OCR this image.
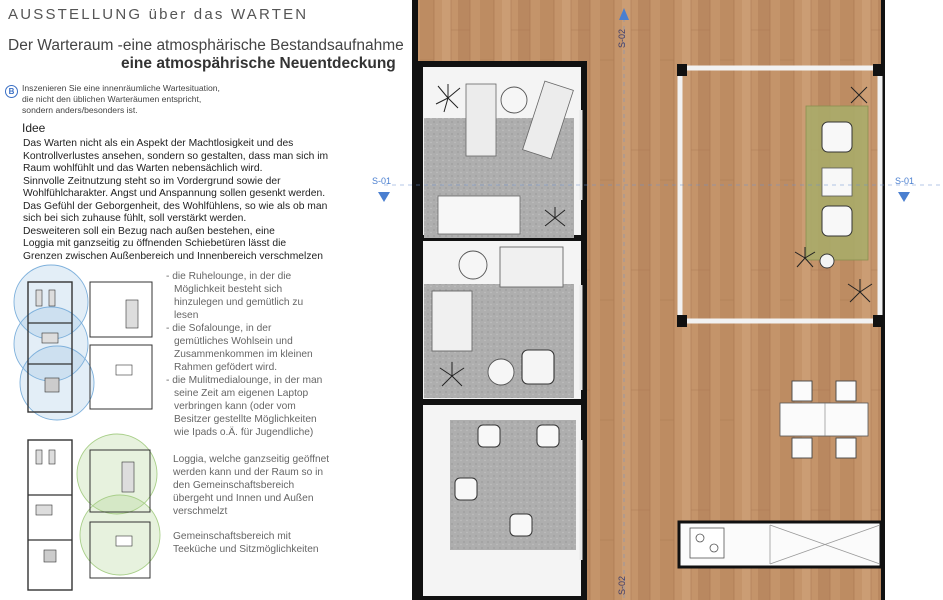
AUSSTELLUNG über das WARTEN
Der Warteraum -eine atmosphärische Bestandsaufnahme
eine atmospährische Neuentdeckung
B Inszenieren Sie eine innenräumliche Wartesituation,
die nicht den üblichen Warteräumen entspricht,
sondern anders/besonders ist.
Idee
Das Warten nicht als ein Aspekt der Machtlosigkeit und des
Kontrollverlustes ansehen, sondern so gestalten, dass man sich im
Raum wohlfühlt und das Warten nebensächlich wird.
Sinnvolle Zeitnutzung steht so im Vordergrund sowie der
Wohlfühlcharakter. Angst und Anspannung sollen gesenkt werden.
Das Gefühl der Geborgenheit, des Wohlfühlens, so wie als ob man
sich bei sich zuhause fühlt, soll verstärkt werden.
Desweiteren soll ein Bezug nach außen bestehen, eine
Loggia mit ganzseitig zu öffnenden Schiebetüren lässt die
Grenzen zwischen Außenbereich und Innenbereich verschmelzen
- die Ruhelounge, in der die
Möglichkeit besteht sich
hinzulegen und gemütlich zu
lesen
- die Sofalounge, in der
gemütliches Wohlsein und
Zusammenkommen im kleinen
Rahmen gefödert wird.
- die Mulitmedialounge, in der man
seine Zeit am eigenen Laptop
verbringen kann (oder vom
Besitzer gestellte Möglichkeiten
wie Ipads o.Ä. für Jugendliche)
Loggia, welche ganzseitig geöffnet
werden kann und der Raum so in
den Gemeinschaftsbereich
übergeht und Innen und Außen
verschmelzt
Gemeinschaftsbereich mit
Teeküche und Sitzmöglichkeiten
S-01	S-01
S-02
S-02
